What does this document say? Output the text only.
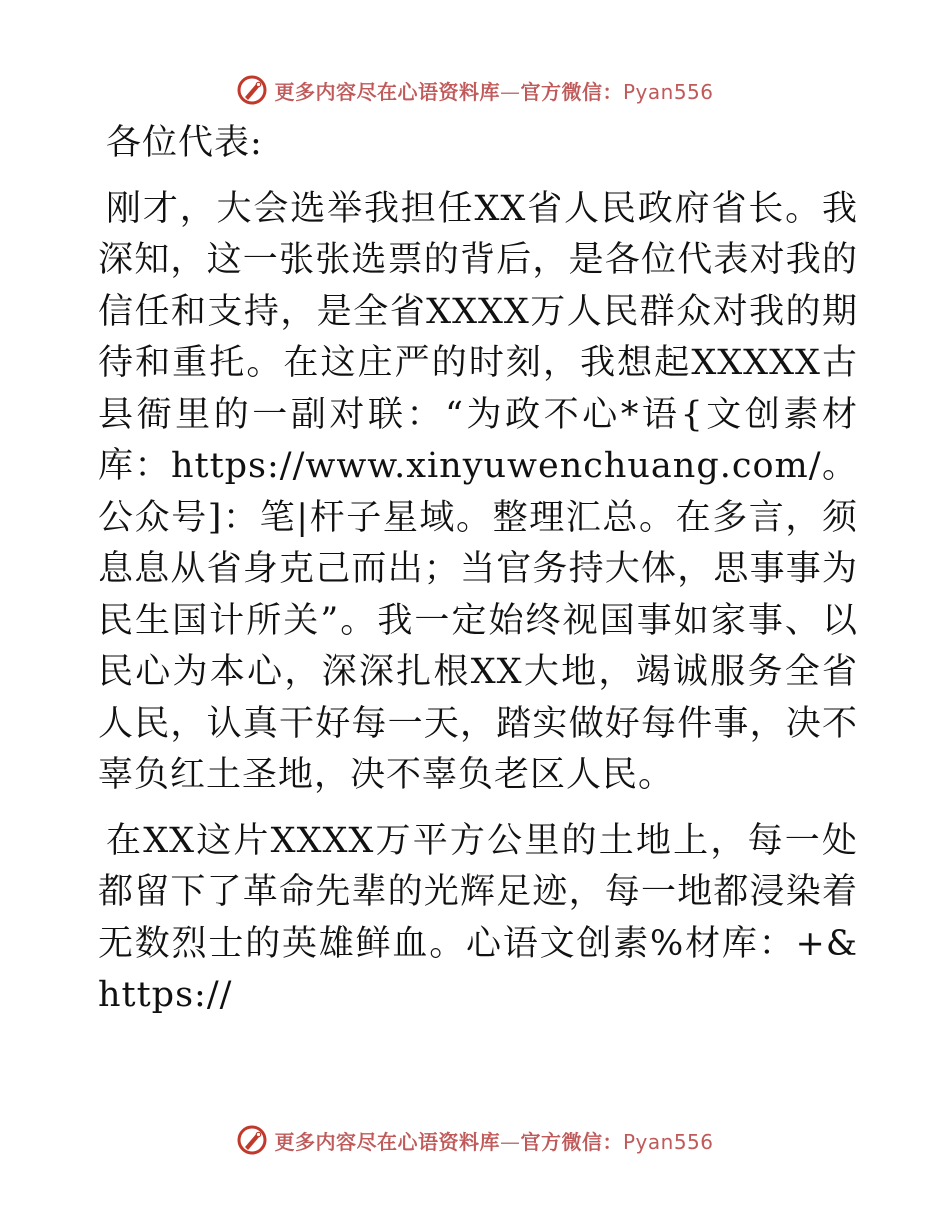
更多内容尽在心语资料库—官方微信：Pyan556

各位代表:

刚才，大会选举我担任XX省人民政府省长。我深知，这一张张选票的背后，是各位代表对我的信任和支持，是全省XXXX万人民群众对我的期待和重托。在这庄严的时刻，我想起XXXXX古县衙里的一副对联：“为政不心*语{文创素材库：https://www.xinyuwenchuang.com/。公众号]：笔|杆子星域。整理汇总。在多言，须息息从省身克己而出；当官务持大体，思事事为民生国计所关”。我一定始终视国事如家事、以民心为本心，深深扎根XX大地，竭诚服务全省人民，认真干好每一天，踏实做好每件事，决不辜负红土圣地，决不辜负老区人民。

在XX这片XXXX万平方公里的土地上，每一处都留下了革命先辈的光辉足迹，每一地都浸染着无数烈士的英雄鲜血。心语文创素%材库：+&https://

更多内容尽在心语资料库—官方微信：Pyan556
